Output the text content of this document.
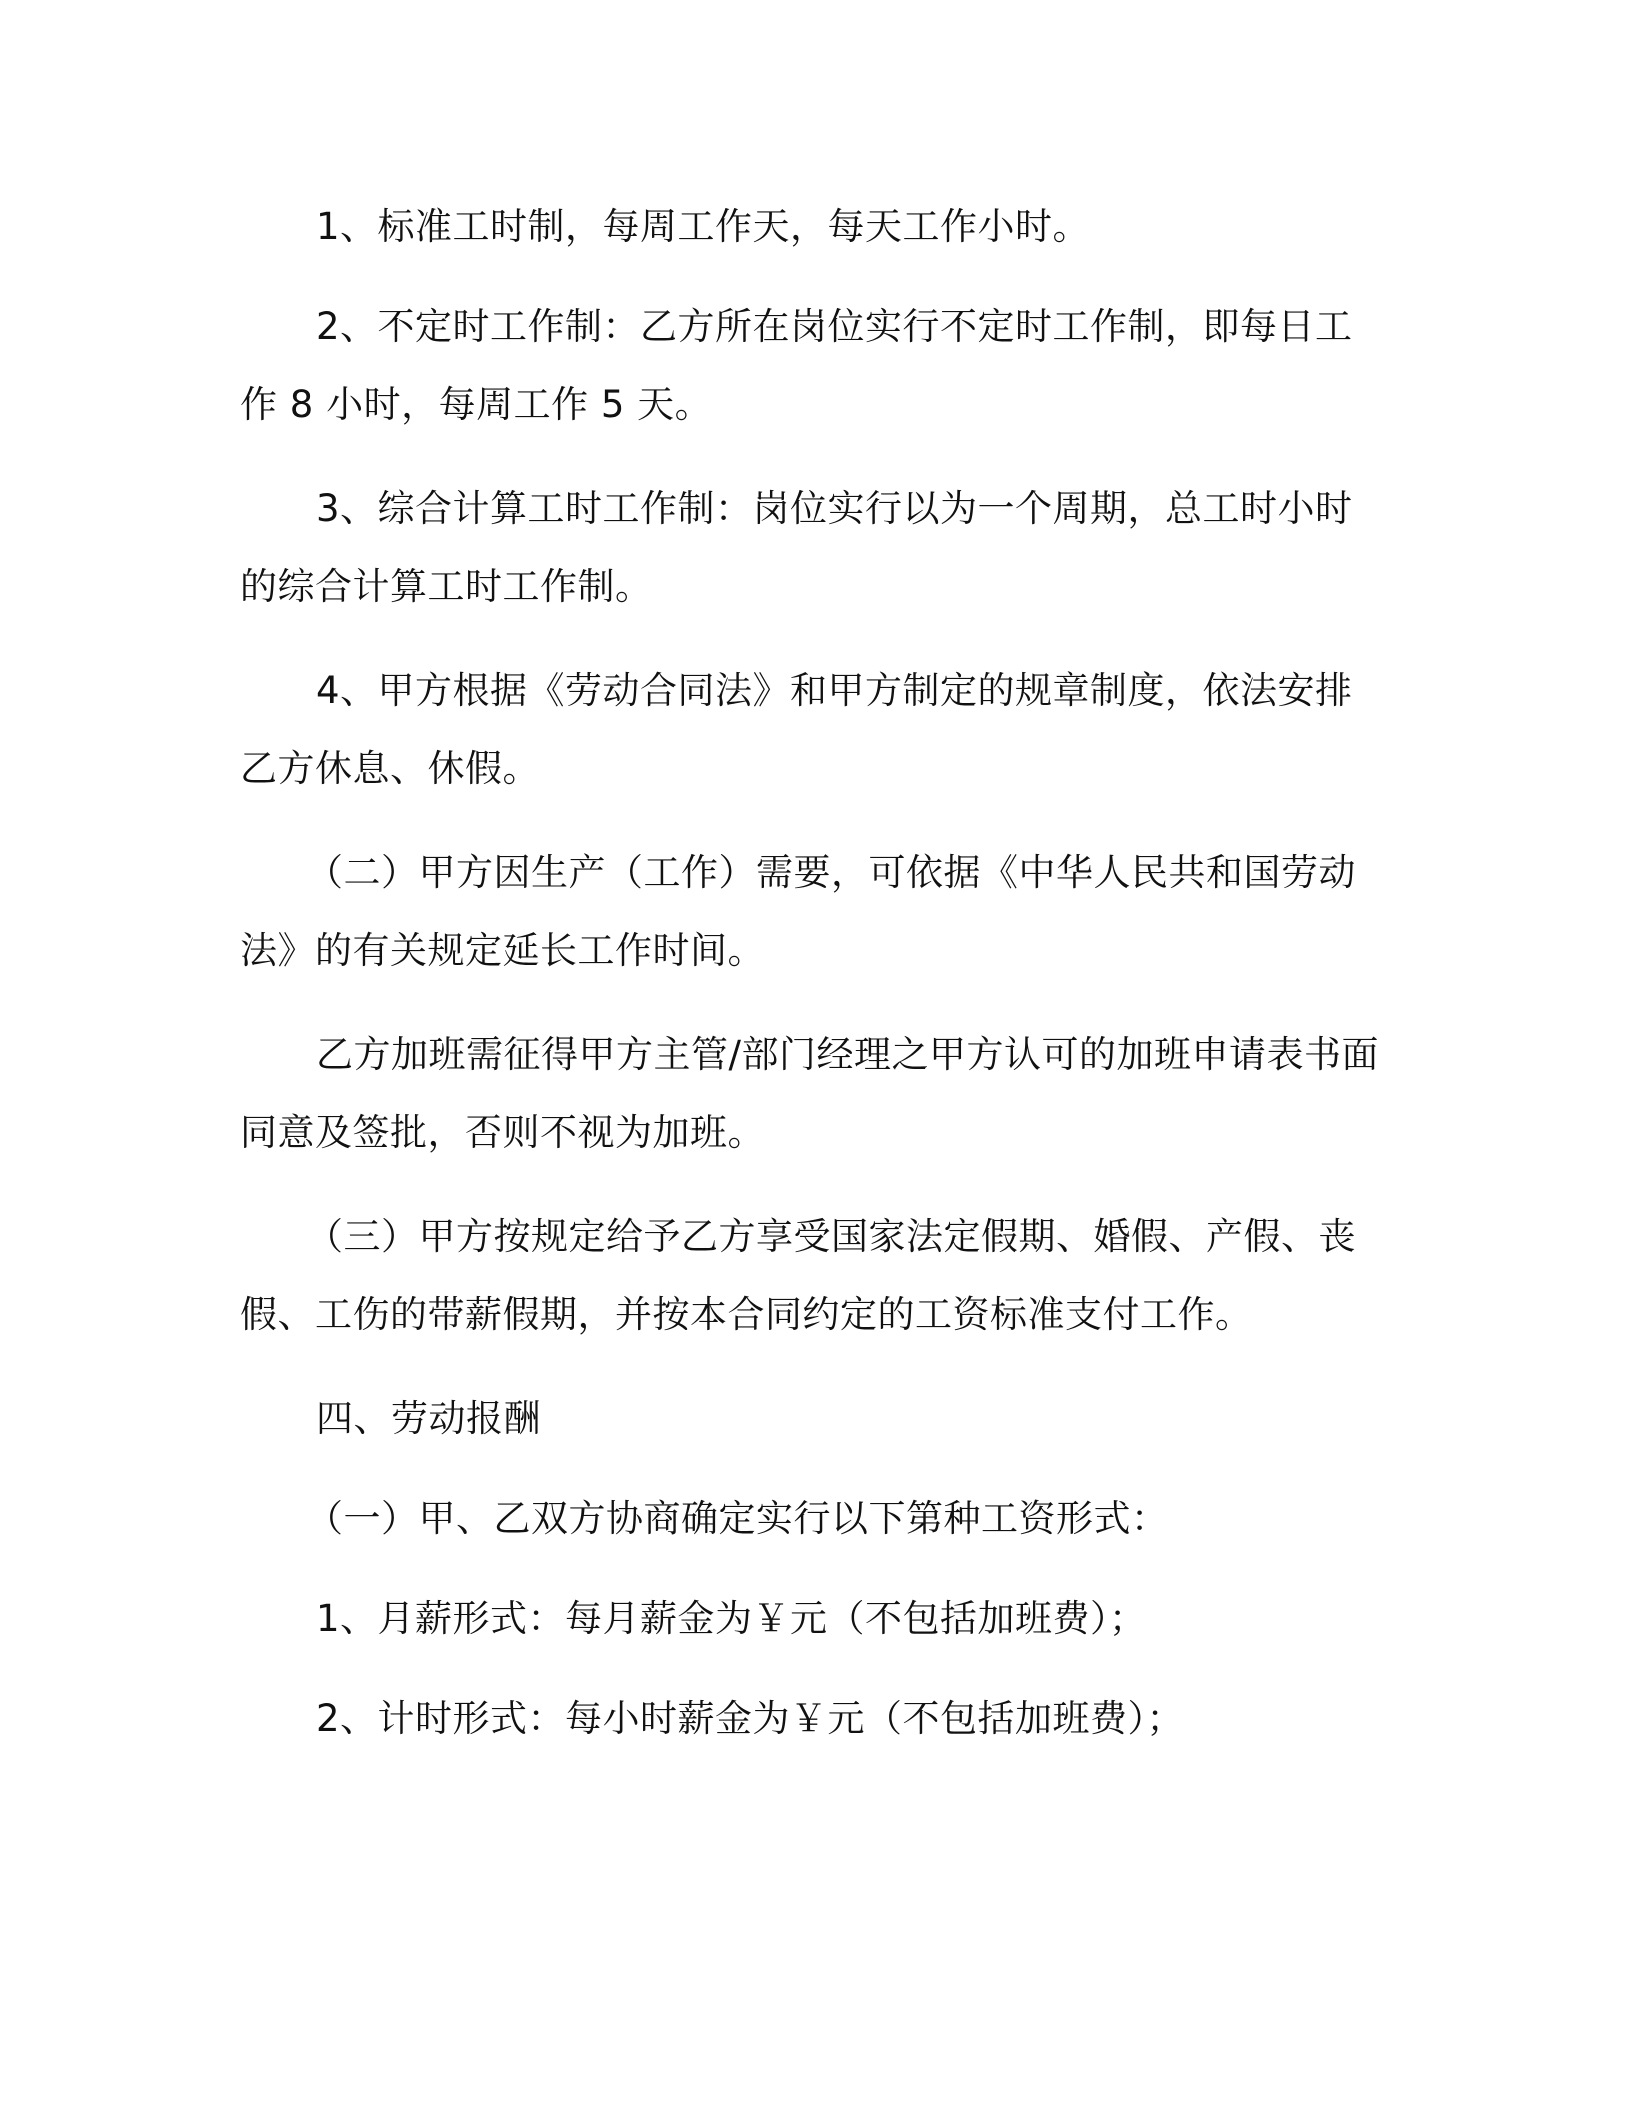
1、标准工时制，每周工作天，每天工作小时。

2、不定时工作制：乙方所在岗位实行不定时工作制，即每日工作 8 小时，每周工作 5 天。

3、综合计算工时工作制：岗位实行以为一个周期，总工时小时的综合计算工时工作制。

4、甲方根据《劳动合同法》和甲方制定的规章制度，依法安排乙方休息、休假。

（二）甲方因生产（工作）需要，可依据《中华人民共和国劳动法》的有关规定延长工作时间。

乙方加班需征得甲方主管/部门经理之甲方认可的加班申请表书面同意及签批，否则不视为加班。

（三）甲方按规定给予乙方享受国家法定假期、婚假、产假、丧假、工伤的带薪假期，并按本合同约定的工资标准支付工作。

四、劳动报酬

（一）甲、乙双方协商确定实行以下第种工资形式：

1、月薪形式：每月薪金为￥元（不包括加班费）；

2、计时形式：每小时薪金为￥元（不包括加班费）；
